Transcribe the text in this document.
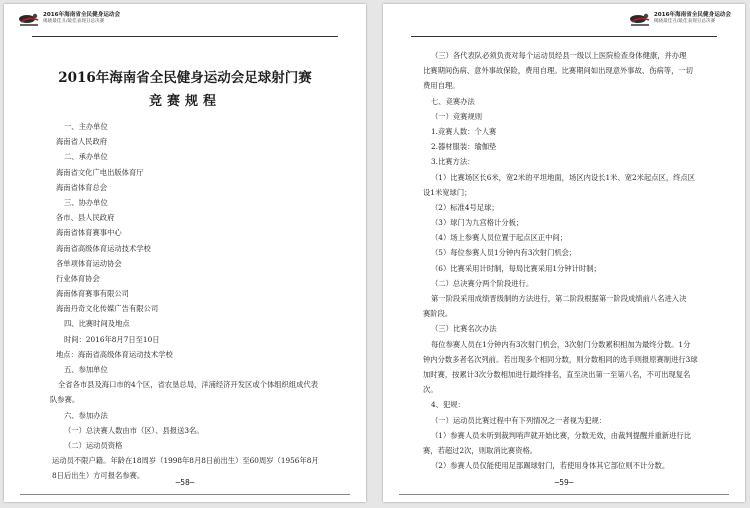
2016年海南省全民健身运动会
揭晓最佳丑/最佳表现丑总决赛
2016年海南省全民健身运动会足球射门赛
竞赛规程
一、主办单位
海南省人民政府
二、承办单位
海南省文化广电出版体育厅
海南省体育总会
三、协办单位
各市、县人民政府
海南省体育赛事中心
海南省高级体育运动技术学校
各单项体育运动协会
行业体育协会
海南体育赛事有限公司
海南丹奇文化传媒广告有限公司
四、比赛时间及地点
时间：2016年8月7日至10日
地点：海南省高级体育运动技术学校
五、参加单位
全省各市县及海口市的4个区，省农垦总局，洋浦经济开发区或个体组织组成代表
队参赛。
六、参加办法
（一）总決赛人数由市（区）、县报送3名。
（二）运动员资格
运动员不限户籍。年龄在18周岁（1998年8月8日前出生）至60周岁（1956年8月
8日后出生）方可报名参赛。
─58─
2016年海南省全民健身运动会
揭晓最佳丑/最佳表现丑总决赛
（三）各代表队必须负责对每个运动员经县一级以上医院检查身体健康，并办理
比赛期间伤病、意外事故保险，费用自理。比赛期间如出现意外事故、伤病等，一切
费用自理。
七、竞赛办法
（一）竞赛规则
1.竞赛人数：个人赛
2.器材服装：瑜伽垫
3.比赛方法：
（1）比赛场区长6米，宽2米的平坦地面，场区内设长1米、宽2米起点区，终点区
设1米宽球门；
（2）标准4号足球；
（3）球门为九宫格计分板；
（4）场上参赛人员位置于起点区正中间；
（5）每位参赛人员1分钟内有3次射门机会；
（6）比赛采用计时制，每局比赛采用1分钟计时制；
（二）总决赛分两个阶段进行。
第一阶段采用成绩晋级制的方法进行，第二阶段根据第一阶段成绩前八名进入决
赛阶段。
（三）比赛名次办法
每位参赛人员在1分钟内有3次射门机会，3次射门分数累积相加为最终分数。1分
钟内分数多者名次列前。若出现多个相同分数，则分数相同的选手则报原赛制进行3球
加时赛，按累计3次分数相加进行最终排名，直至决出第一至第八名，不可出现复名
次。
4、犯规：
（一）运动员比赛过程中有下列情况之一者视为犯规：
（1）参赛人员未听到裁判哨声就开始比赛，分数无效，由裁判提醒并重新进行比
赛，若超过2次，则取消比赛资格。
（2）参赛人员仅能使用足部踢球射门，若使用身体其它部位则不计分数。
─59─
